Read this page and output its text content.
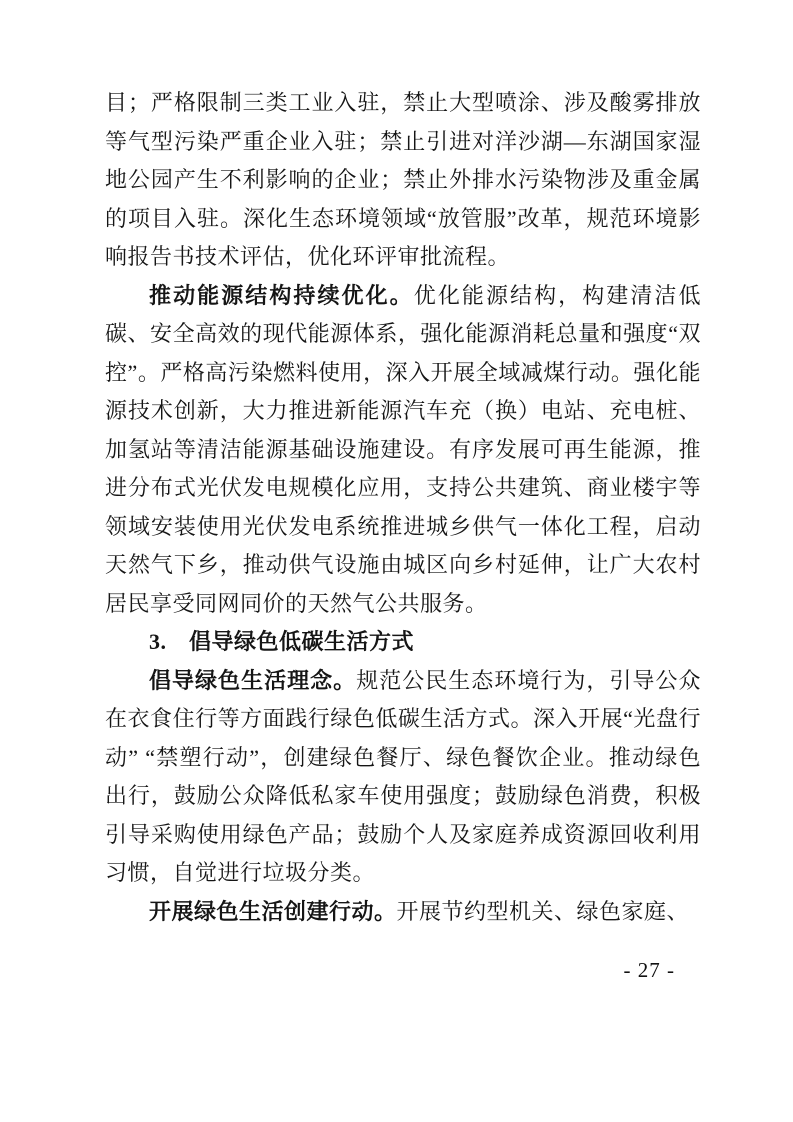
目；严格限制三类工业入驻，禁止大型喷涂、涉及酸雾排放等气型污染严重企业入驻；禁止引进对洋沙湖—东湖国家湿地公园产生不利影响的企业；禁止外排水污染物涉及重金属的项目入驻。深化生态环境领域“放管服”改革，规范环境影响报告书技术评估，优化环评审批流程。

推动能源结构持续优化。优化能源结构，构建清洁低碳、安全高效的现代能源体系，强化能源消耗总量和强度“双控”。严格高污染燃料使用，深入开展全域减煤行动。强化能源技术创新，大力推进新能源汽车充（换）电站、充电桩、加氢站等清洁能源基础设施建设。有序发展可再生能源，推进分布式光伏发电规模化应用，支持公共建筑、商业楼宇等领域安装使用光伏发电系统推进城乡供气一体化工程，启动天然气下乡，推动供气设施由城区向乡村延伸，让广大农村居民享受同网同价的天然气公共服务。

3.　倡导绿色低碳生活方式

倡导绿色生活理念。规范公民生态环境行为，引导公众在衣食住行等方面践行绿色低碳生活方式。深入开展“光盘行动” “禁塑行动”，创建绿色餐厅、绿色餐饮企业。推动绿色出行，鼓励公众降低私家车使用强度；鼓励绿色消费，积极引导采购使用绿色产品；鼓励个人及家庭养成资源回收利用习惯，自觉进行垃圾分类。

开展绿色生活创建行动。开展节约型机关、绿色家庭、

- 27 -
